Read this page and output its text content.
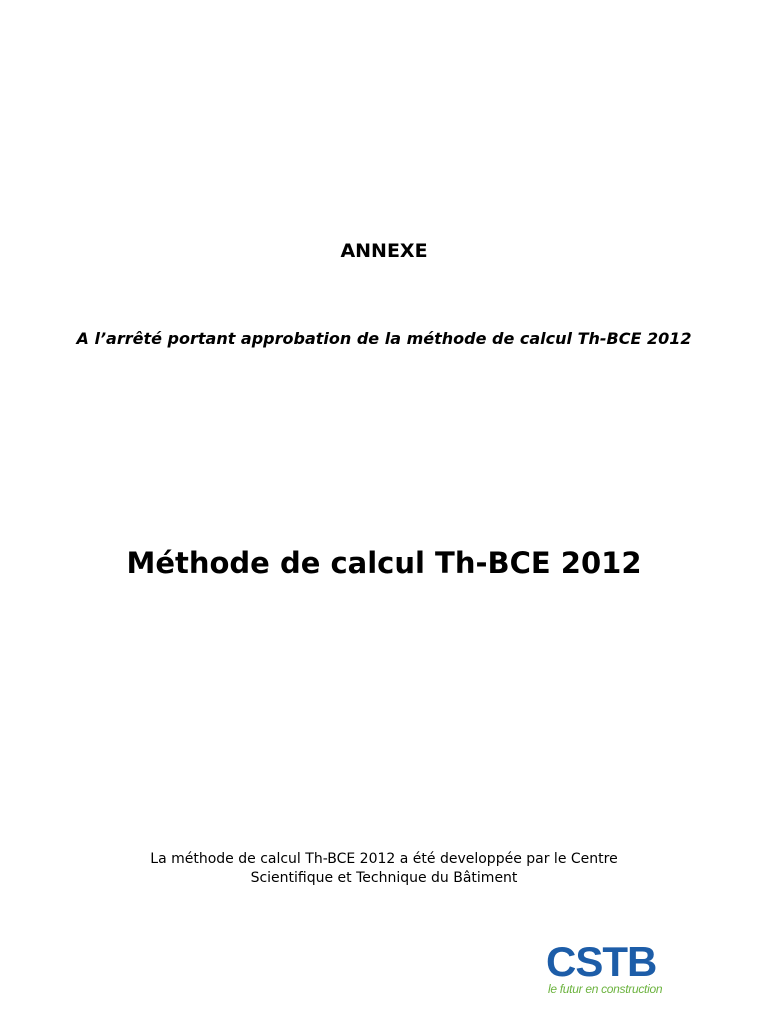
ANNEXE
A l’arrêté portant approbation de la méthode de calcul Th-BCE 2012
Méthode de calcul Th-BCE 2012
La méthode de calcul Th-BCE 2012 a été developpée par le Centre
Scientifique et Technique du Bâtiment
CSTB
le futur en construction
